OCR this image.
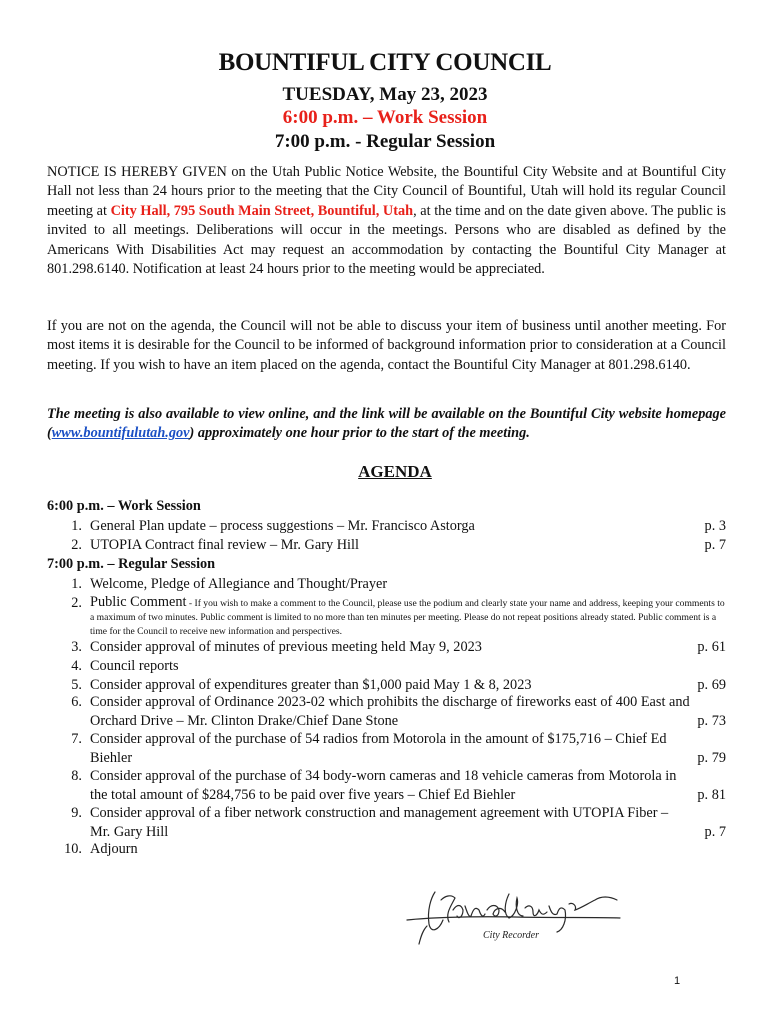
BOUNTIFUL CITY COUNCIL
TUESDAY, May 23, 2023
6:00 p.m. – Work Session
7:00 p.m. - Regular Session
NOTICE IS HEREBY GIVEN on the Utah Public Notice Website, the Bountiful City Website and at Bountiful City Hall not less than 24 hours prior to the meeting that the City Council of Bountiful, Utah will hold its regular Council meeting at City Hall, 795 South Main Street, Bountiful, Utah, at the time and on the date given above. The public is invited to all meetings. Deliberations will occur in the meetings. Persons who are disabled as defined by the Americans With Disabilities Act may request an accommodation by contacting the Bountiful City Manager at 801.298.6140. Notification at least 24 hours prior to the meeting would be appreciated.
If you are not on the agenda, the Council will not be able to discuss your item of business until another meeting. For most items it is desirable for the Council to be informed of background information prior to consideration at a Council meeting. If you wish to have an item placed on the agenda, contact the Bountiful City Manager at 801.298.6140.
The meeting is also available to view online, and the link will be available on the Bountiful City website homepage (www.bountifulutah.gov) approximately one hour prior to the start of the meeting.
AGENDA
6:00 p.m. – Work Session
1. General Plan update – process suggestions – Mr. Francisco Astorga	p. 3
2. UTOPIA Contract final review – Mr. Gary Hill	p. 7
7:00 p.m. – Regular Session
1. Welcome, Pledge of Allegiance and Thought/Prayer
2. Public Comment - If you wish to make a comment to the Council, please use the podium and clearly state your name and address, keeping your comments to a maximum of two minutes. Public comment is limited to no more than ten minutes per meeting. Please do not repeat positions already stated. Public comment is a time for the Council to receive new information and perspectives.
3. Consider approval of minutes of previous meeting held May 9, 2023	p. 61
4. Council reports
5. Consider approval of expenditures greater than $1,000 paid May 1 & 8, 2023	p. 69
6. Consider approval of Ordinance 2023-02 which prohibits the discharge of fireworks east of 400 East and
Orchard Drive – Mr. Clinton Drake/Chief Dane Stone	p. 73
7. Consider approval of the purchase of 54 radios from Motorola in the amount of $175,716 – Chief Ed
Biehler	p. 79
8. Consider approval of the purchase of 34 body-worn cameras and 18 vehicle cameras from Motorola in
the total amount of $284,756 to be paid over five years – Chief Ed Biehler	p. 81
9. Consider approval of a fiber network construction and management agreement with UTOPIA Fiber –
Mr. Gary Hill	p. 7
10. Adjourn
City Recorder
1
